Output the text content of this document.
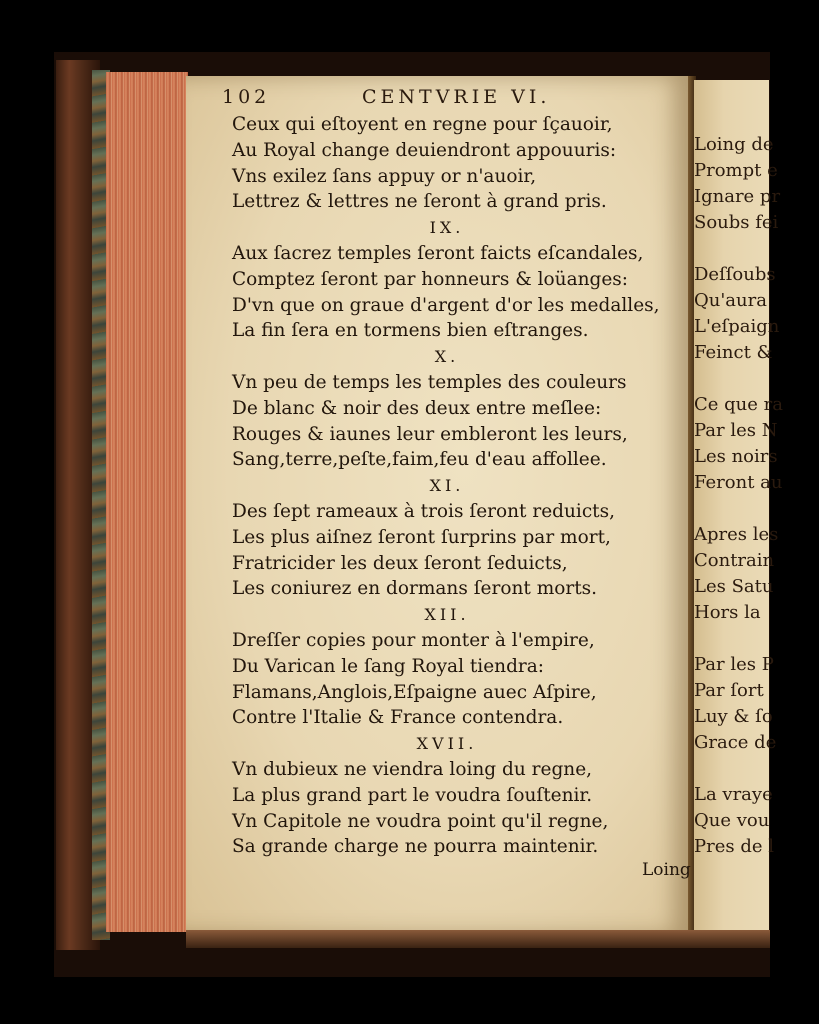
Loing de
Prompt e
Ignare pr
Soubs fei
Deſſoubs
Qu'aura
L'eſpaign
Feinct &
Ce que ra
Par les N
Les noirs
Feront au
Apres les
Contrain
Les Satu
Hors la
Par les P
Par ſort
Luy & ſo
Grace de
La vraye
Que vou
Pres de l
102	CENTVRIE VI.
Ceux qui eſtoyent en regne pour ſçauoir,
Au Royal change deuiendront appouuris:
Vns exilez ſans appuy or n'auoir,
Lettrez & lettres ne ſeront à grand pris.
IX.
Aux ſacrez temples ſeront faicts eſcandales,
Comptez ſeront par honneurs & loüanges:
D'vn que on graue d'argent d'or les medalles,
La fin ſera en tormens bien eſtranges.
X.
Vn peu de temps les temples des couleurs
De blanc & noir des deux entre meſlee:
Rouges & iaunes leur embleront les leurs,
Sang,terre,peſte,faim,feu d'eau affollee.
XI.
Des ſept rameaux à trois ſeront reduicts,
Les plus aiſnez ſeront ſurprins par mort,
Fratricider les deux ſeront ſeduicts,
Les coniurez en dormans ſeront morts.
XII.
Dreſſer copies pour monter à l'empire,
Du Varican le ſang Royal tiendra:
Flamans,Anglois,Eſpaigne auec Aſpire,
Contre l'Italie & France contendra.
XVII.
Vn dubieux ne viendra loing du regne,
La plus grand part le voudra ſouſtenir.
Vn Capitole ne voudra point qu'il regne,
Sa grande charge ne pourra maintenir.
Loing
